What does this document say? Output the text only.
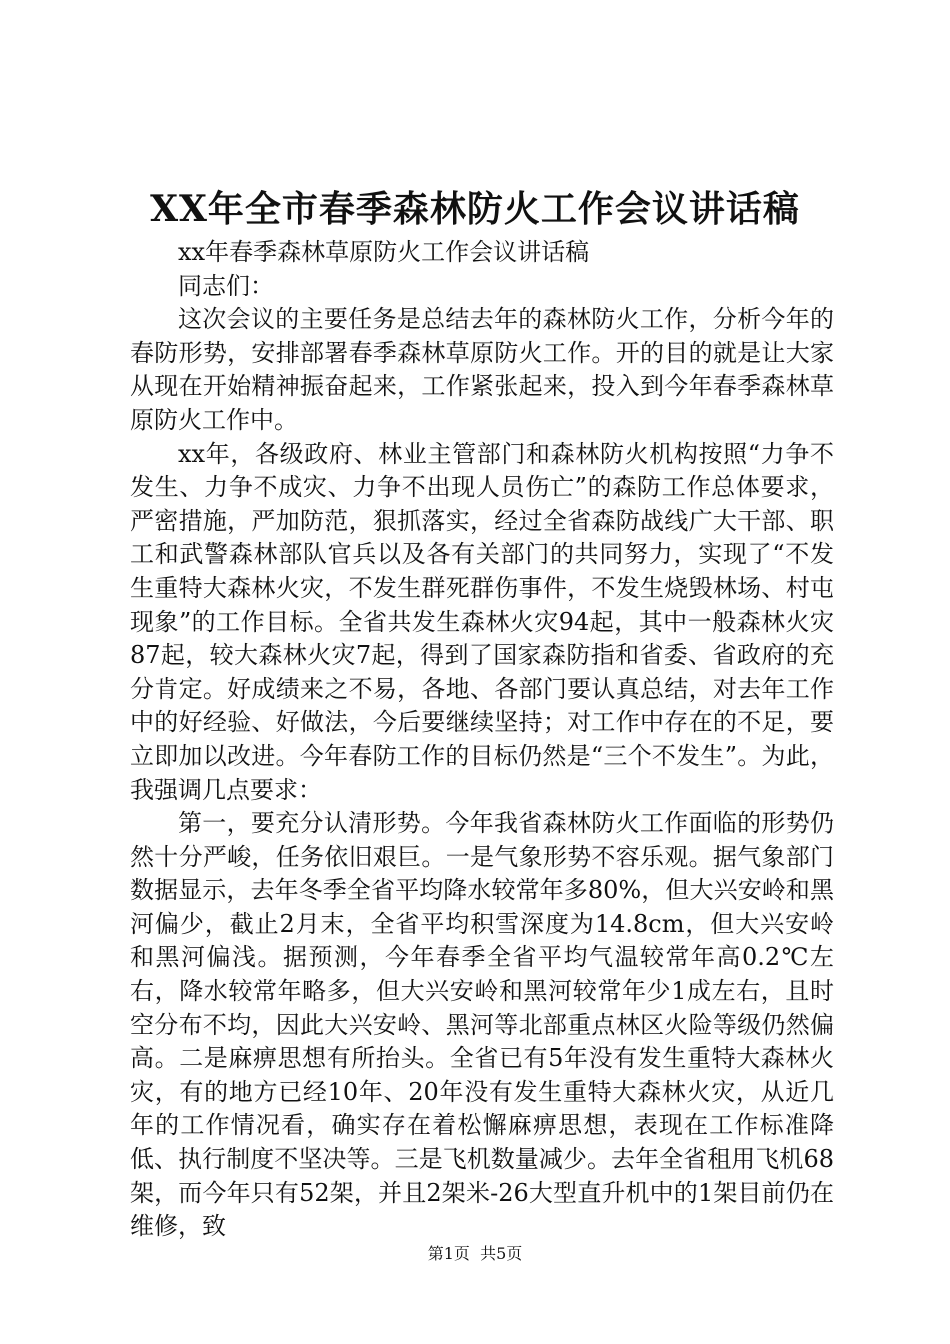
XX年全市春季森林防火工作会议讲话稿

xx年春季森林草原防火工作会议讲话稿

同志们：

这次会议的主要任务是总结去年的森林防火工作，分析今年的春防形势，安排部署春季森林草原防火工作。开的目的就是让大家从现在开始精神振奋起来，工作紧张起来，投入到今年春季森林草原防火工作中。

xx年，各级政府、林业主管部门和森林防火机构按照“力争不发生、力争不成灾、力争不出现人员伤亡”的森防工作总体要求，严密措施，严加防范，狠抓落实，经过全省森防战线广大干部、职工和武警森林部队官兵以及各有关部门的共同努力，实现了“不发生重特大森林火灾，不发生群死群伤事件，不发生烧毁林场、村屯现象”的工作目标。全省共发生森林火灾94起，其中一般森林火灾87起，较大森林火灾7起，得到了国家森防指和省委、省政府的充分肯定。好成绩来之不易，各地、各部门要认真总结，对去年工作中的好经验、好做法，今后要继续坚持；对工作中存在的不足，要立即加以改进。今年春防工作的目标仍然是“三个不发生”。为此，我强调几点要求：

第一，要充分认清形势。今年我省森林防火工作面临的形势仍然十分严峻，任务依旧艰巨。一是气象形势不容乐观。据气象部门数据显示，去年冬季全省平均降水较常年多80%，但大兴安岭和黑河偏少，截止2月末，全省平均积雪深度为14.8cm，但大兴安岭和黑河偏浅。据预测，今年春季全省平均气温较常年高0.2℃左右，降水较常年略多，但大兴安岭和黑河较常年少1成左右，且时空分布不均，因此大兴安岭、黑河等北部重点林区火险等级仍然偏高。二是麻痹思想有所抬头。全省已有5年没有发生重特大森林火灾，有的地方已经10年、20年没有发生重特大森林火灾，从近几年的工作情况看，确实存在着松懈麻痹思想，表现在工作标准降低、执行制度不坚决等。三是飞机数量减少。去年全省租用飞机68架，而今年只有52架，并且2架米-26大型直升机中的1架目前仍在维修，致

第1页  共5页
